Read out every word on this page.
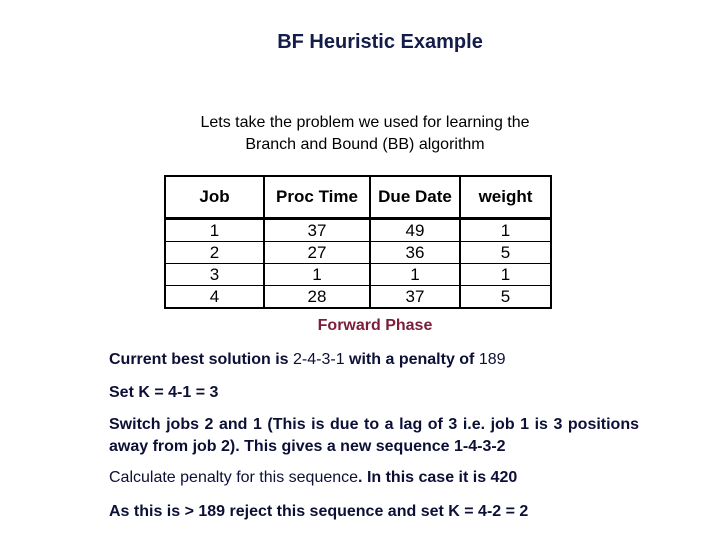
BF Heuristic Example
Lets take the problem we used for learning the
Branch and Bound (BB) algorithm
Job	Proc Time	Due Date	weight
1	37	49	1
2	27	36	5
3	1	1	1
4	28	37	5
Forward Phase
Current best solution is 2-4-3-1 with a penalty of 189
Set K = 4-1 = 3
Switch jobs 2 and 1 (This is due to a lag of 3 i.e. job 1 is 3 positions away from job 2). This gives a new sequence 1-4-3-2
Calculate penalty for this sequence. In this case it is 420
As this is > 189 reject this sequence and set K = 4-2 = 2
